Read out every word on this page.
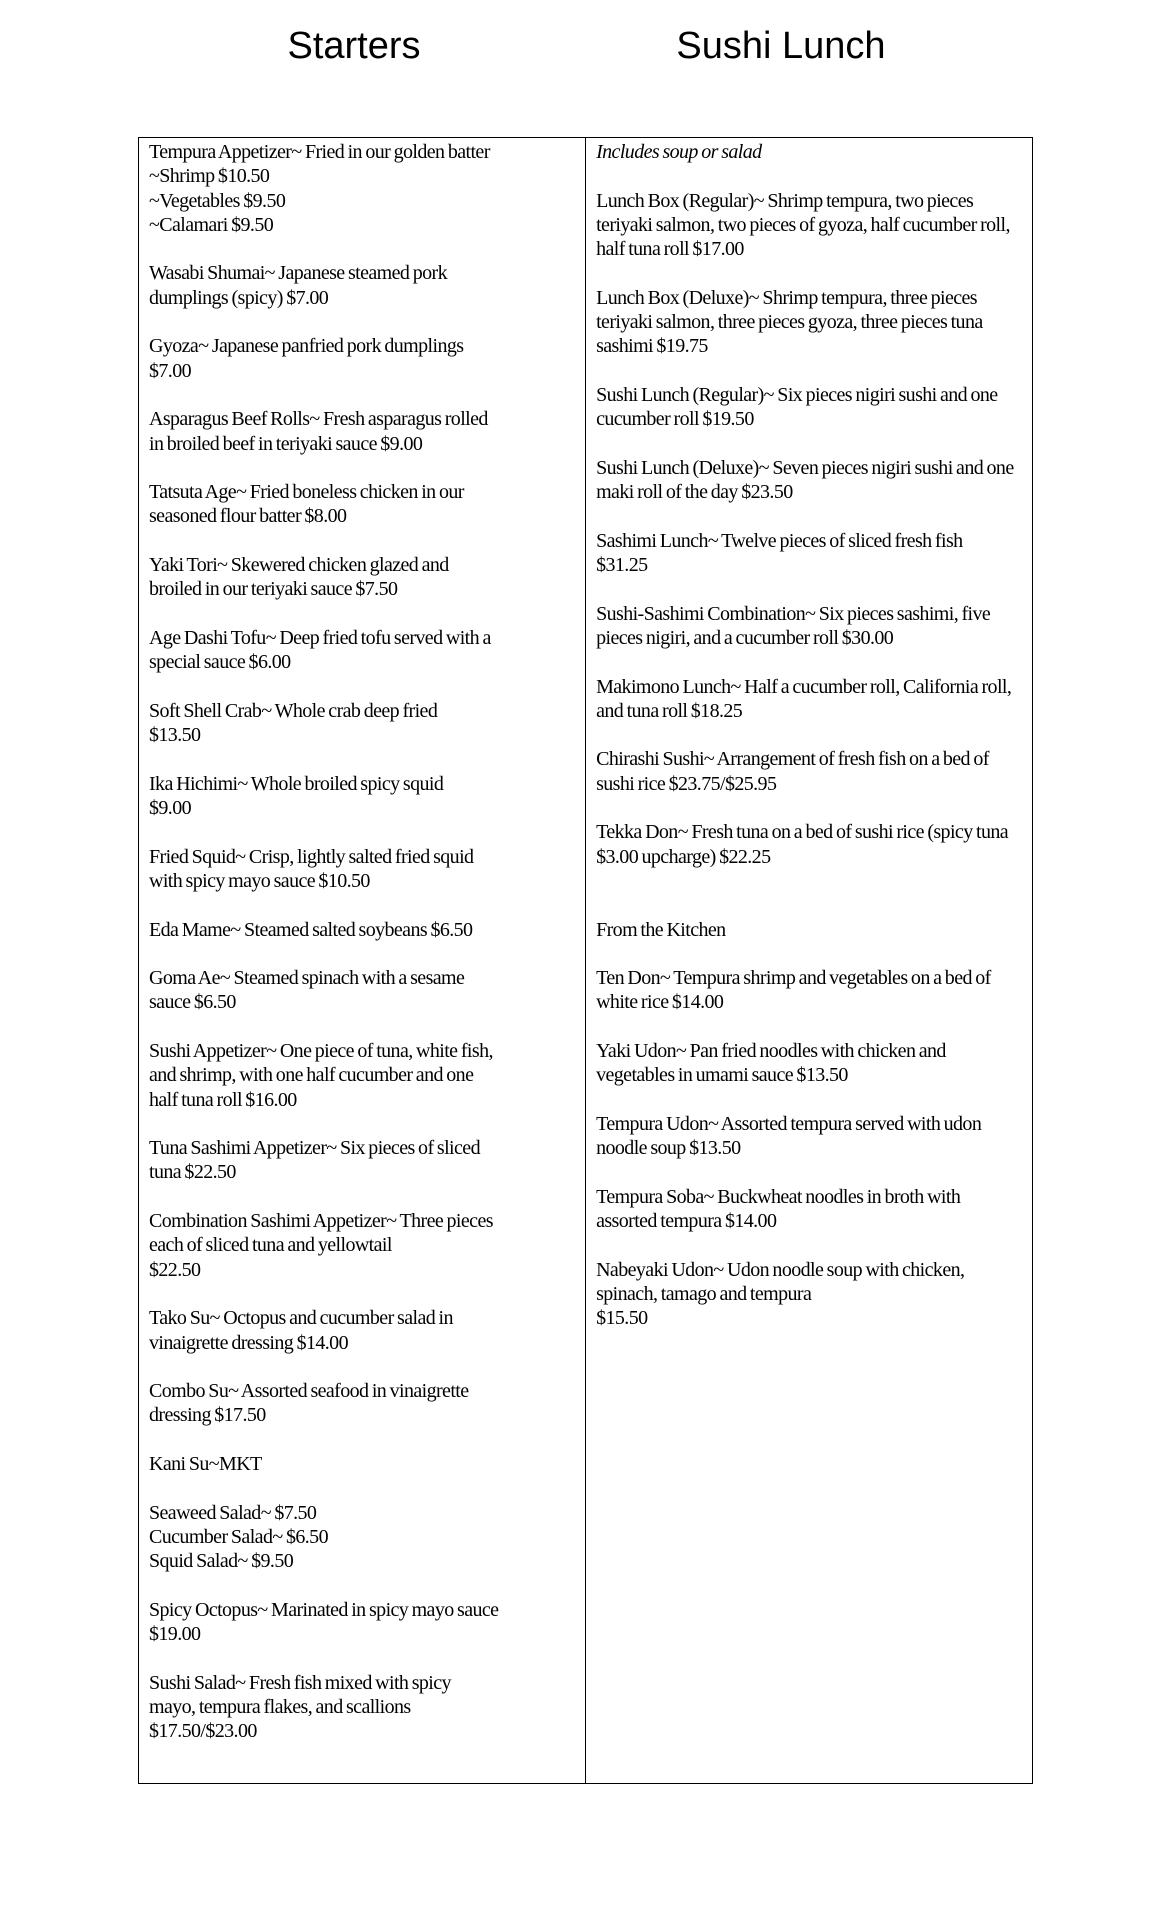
Starters	Sushi Lunch
Tempura Appetizer~ Fried in our golden batter
~Shrimp $10.50
~Vegetables $9.50
~Calamari $9.50
Wasabi Shumai~ Japanese steamed pork dumplings (spicy) $7.00
Gyoza~ Japanese panfried pork dumplings
$7.00
Asparagus Beef Rolls~ Fresh asparagus rolled in broiled beef in teriyaki sauce $9.00
Tatsuta Age~ Fried boneless chicken in our seasoned flour batter $8.00
Yaki Tori~ Skewered chicken glazed and broiled in our teriyaki sauce $7.50
Age Dashi Tofu~ Deep fried tofu served with a special sauce $6.00
Soft Shell Crab~ Whole crab deep fried
$13.50
Ika Hichimi~ Whole broiled spicy squid
$9.00
Fried Squid~ Crisp, lightly salted fried squid with spicy mayo sauce $10.50
Eda Mame~ Steamed salted soybeans $6.50
Goma Ae~ Steamed spinach with a sesame sauce $6.50
Sushi Appetizer~ One piece of tuna, white fish, and shrimp, with one half cucumber and one half tuna roll $16.00
Tuna Sashimi Appetizer~ Six pieces of sliced tuna $22.50
Combination Sashimi Appetizer~ Three pieces each of sliced tuna and yellowtail
$22.50
Tako Su~ Octopus and cucumber salad in vinaigrette dressing $14.00
Combo Su~ Assorted seafood in vinaigrette dressing $17.50
Kani Su~MKT
Seaweed Salad~ $7.50
Cucumber Salad~ $6.50
Squid Salad~ $9.50
Spicy Octopus~ Marinated in spicy mayo sauce $19.00
Sushi Salad~ Fresh fish mixed with spicy mayo, tempura flakes, and scallions
$17.50/$23.00
Includes soup or salad
Lunch Box (Regular)~ Shrimp tempura, two pieces teriyaki salmon, two pieces of gyoza, half cucumber roll, half tuna roll $17.00
Lunch Box (Deluxe)~ Shrimp tempura, three pieces teriyaki salmon, three pieces gyoza, three pieces tuna sashimi $19.75
Sushi Lunch (Regular)~ Six pieces nigiri sushi and one cucumber roll $19.50
Sushi Lunch (Deluxe)~ Seven pieces nigiri sushi and one maki roll of the day $23.50
Sashimi Lunch~ Twelve pieces of sliced fresh fish
$31.25
Sushi-Sashimi Combination~ Six pieces sashimi, five pieces nigiri, and a cucumber roll $30.00
Makimono Lunch~ Half a cucumber roll, California roll, and tuna roll $18.25
Chirashi Sushi~ Arrangement of fresh fish on a bed of sushi rice $23.75/$25.95
Tekka Don~ Fresh tuna on a bed of sushi rice (spicy tuna $3.00 upcharge) $22.25
From the Kitchen
Ten Don~ Tempura shrimp and vegetables on a bed of white rice $14.00
Yaki Udon~ Pan fried noodles with chicken and vegetables in umami sauce $13.50
Tempura Udon~ Assorted tempura served with udon noodle soup $13.50
Tempura Soba~ Buckwheat noodles in broth with assorted tempura $14.00
Nabeyaki Udon~ Udon noodle soup with chicken, spinach, tamago and tempura
$15.50
